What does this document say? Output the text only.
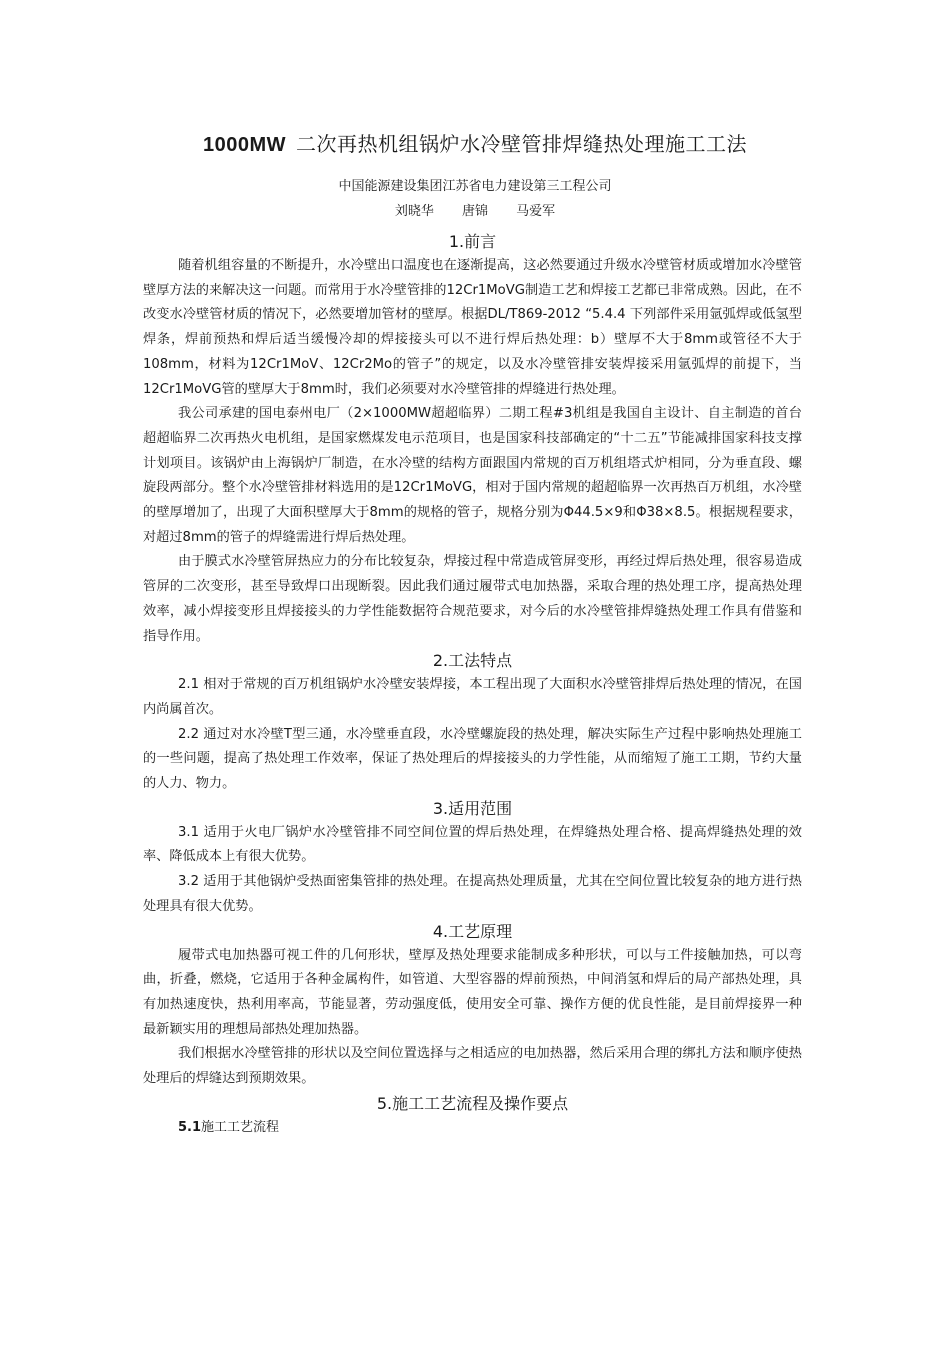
1000MW 二次再热机组锅炉水冷壁管排焊缝热处理施工工法
中国能源建设集团江苏省电力建设第三工程公司
刘晓华 唐锦 马爱军
1.前言

随着机组容量的不断提升，水冷壁出口温度也在逐渐提高，这必然要通过升级水冷壁管材质或增加水冷壁管壁厚方法的来解决这一问题。而常用于水冷壁管排的12Cr1MoVG制造工艺和焊接工艺都已非常成熟。因此，在不改变水冷壁管材质的情况下，必然要增加管材的壁厚。根据DL/T869-2012 “5.4.4 下列部件采用氩弧焊或低氢型焊条，焊前预热和焊后适当缓慢冷却的焊接接头可以不进行焊后热处理：b）壁厚不大于8mm或管径不大于108mm，材料为12Cr1MoV、12Cr2Mo的管子”的规定，以及水冷壁管排安装焊接采用氩弧焊的前提下，当12Cr1MoVG管的壁厚大于8mm时，我们必须要对水冷壁管排的焊缝进行热处理。

我公司承建的国电泰州电厂（2×1000MW超超临界）二期工程#3机组是我国自主设计、自主制造的首台超超临界二次再热火电机组，是国家燃煤发电示范项目，也是国家科技部确定的“十二五”节能减排国家科技支撑计划项目。该锅炉由上海锅炉厂制造，在水冷壁的结构方面跟国内常规的百万机组塔式炉相同，分为垂直段、螺旋段两部分。整个水冷壁管排材料选用的是12Cr1MoVG，相对于国内常规的超超临界一次再热百万机组，水冷壁的壁厚增加了，出现了大面积壁厚大于8mm的规格的管子，规格分别为Φ44.5×9和Φ38×8.5。根据规程要求，对超过8mm的管子的焊缝需进行焊后热处理。

由于膜式水冷壁管屏热应力的分布比较复杂，焊接过程中常造成管屏变形，再经过焊后热处理，很容易造成管屏的二次变形，甚至导致焊口出现断裂。因此我们通过履带式电加热器，采取合理的热处理工序，提高热处理效率，减小焊接变形且焊接接头的力学性能数据符合规范要求，对今后的水冷壁管排焊缝热处理工作具有借鉴和指导作用。

2.工法特点

2.1 相对于常规的百万机组锅炉水冷壁安装焊接，本工程出现了大面积水冷壁管排焊后热处理的情况，在国内尚属首次。

2.2 通过对水冷壁T型三通，水冷壁垂直段，水冷壁螺旋段的热处理，解决实际生产过程中影响热处理施工的一些问题，提高了热处理工作效率，保证了热处理后的焊接接头的力学性能，从而缩短了施工工期，节约大量的人力、物力。

3.适用范围

3.1 适用于火电厂锅炉水冷壁管排不同空间位置的焊后热处理，在焊缝热处理合格、提高焊缝热处理的效率、降低成本上有很大优势。

3.2 适用于其他锅炉受热面密集管排的热处理。在提高热处理质量，尤其在空间位置比较复杂的地方进行热处理具有很大优势。

4.工艺原理

履带式电加热器可视工件的几何形状，壁厚及热处理要求能制成多种形状，可以与工件接触加热，可以弯曲，折叠，燃烧，它适用于各种金属构件，如管道、大型容器的焊前预热，中间消氢和焊后的局产部热处理，具有加热速度快，热利用率高，节能显著，劳动强度低，使用安全可靠、操作方便的优良性能，是目前焊接界一种最新颖实用的理想局部热处理加热器。

我们根据水冷壁管排的形状以及空间位置选择与之相适应的电加热器，然后采用合理的绑扎方法和顺序使热处理后的焊缝达到预期效果。

5.施工工艺流程及操作要点
5.1施工工艺流程
